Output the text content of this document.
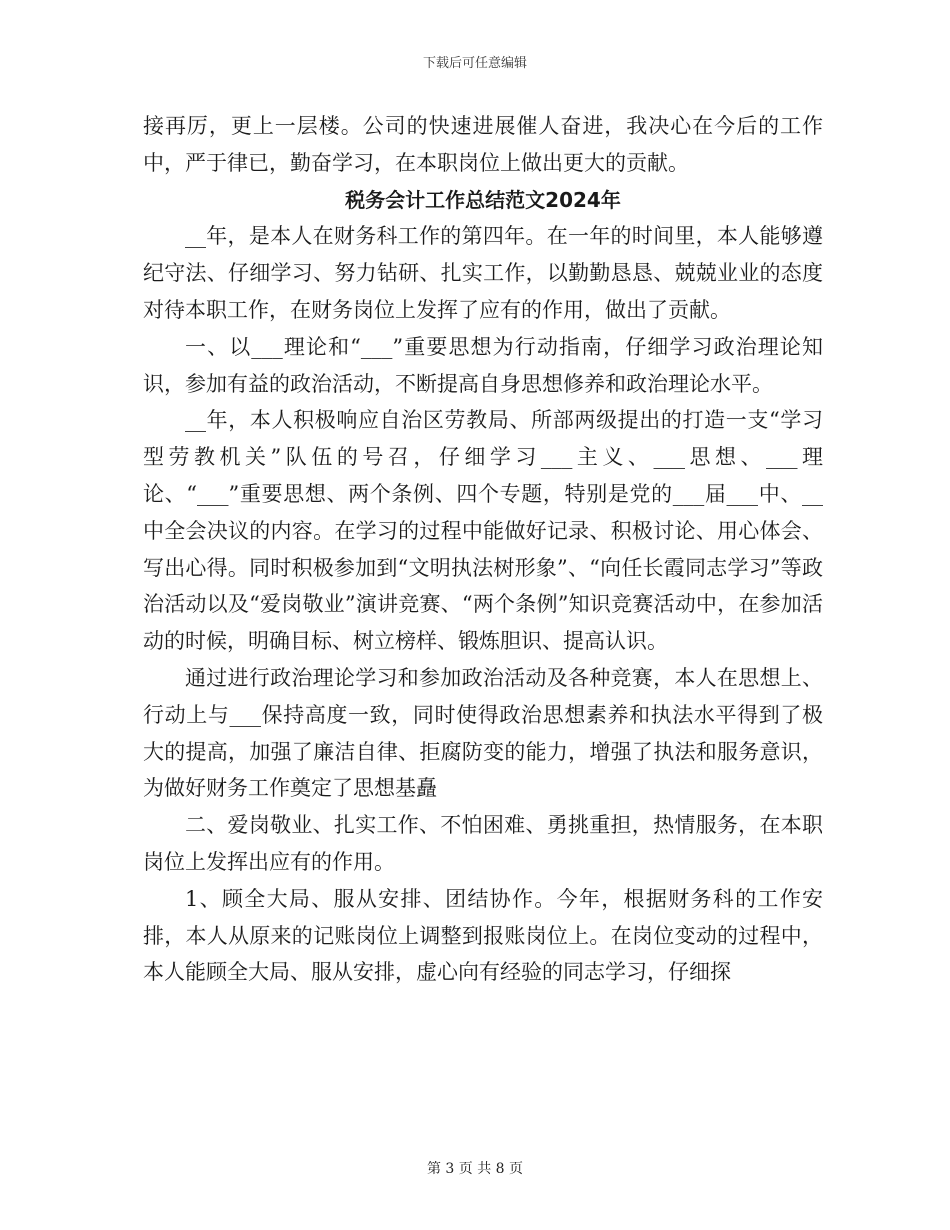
下载后可任意编辑

接再厉，更上一层楼。公司的快速进展催人奋进，我决心在今后的工作中，严于律已，勤奋学习，在本职岗位上做出更大的贡献。

税务会计工作总结范文2024年

__年，是本人在财务科工作的第四年。在一年的时间里，本人能够遵纪守法、仔细学习、努力钻研、扎实工作，以勤勤恳恳、兢兢业业的态度对待本职工作，在财务岗位上发挥了应有的作用，做出了贡献。

一、以___理论和“___”重要思想为行动指南，仔细学习政治理论知识，参加有益的政治活动，不断提高自身思想修养和政治理论水平。

__年，本人积极响应自治区劳教局、所部两级提出的打造一支“学习型劳教机关”队伍的号召，仔细学习___主义、___思想、___理论、“___”重要思想、两个条例、四个专题，特别是党的___届___中、__中全会决议的内容。在学习的过程中能做好记录、积极讨论、用心体会、写出心得。同时积极参加到“文明执法树形象”、“向任长霞同志学习”等政治活动以及“爱岗敬业”演讲竞赛、“两个条例”知识竞赛活动中，在参加活动的时候，明确目标、树立榜样、锻炼胆识、提高认识。

通过进行政治理论学习和参加政治活动及各种竞赛，本人在思想上、行动上与___保持高度一致，同时使得政治思想素养和执法水平得到了极大的提高，加强了廉洁自律、拒腐防变的能力，增强了执法和服务意识，为做好财务工作奠定了思想基矗

二、爱岗敬业、扎实工作、不怕困难、勇挑重担，热情服务，在本职岗位上发挥出应有的作用。

1、顾全大局、服从安排、团结协作。今年，根据财务科的工作安排，本人从原来的记账岗位上调整到报账岗位上。在岗位变动的过程中，本人能顾全大局、服从安排，虚心向有经验的同志学习，仔细探

第 3 页 共 8 页
